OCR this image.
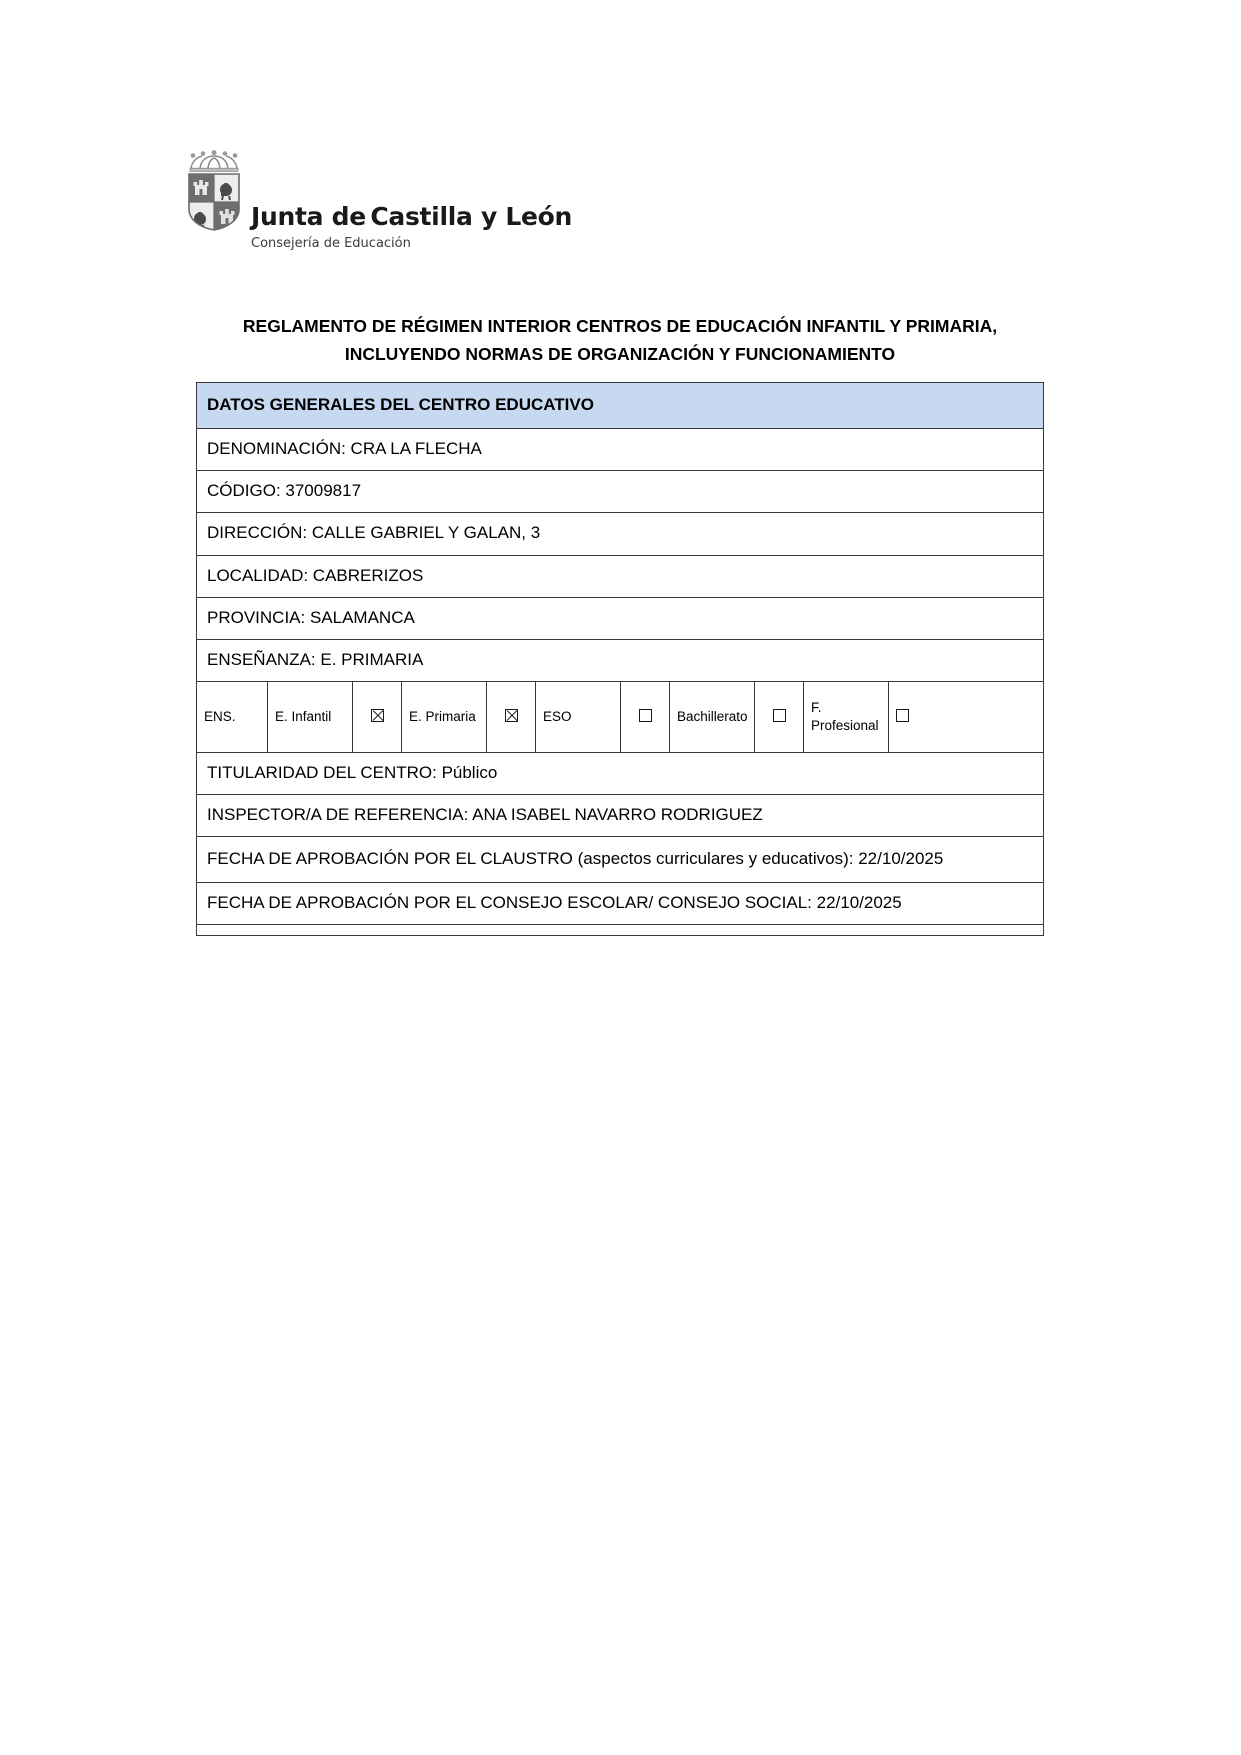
Junta de Castilla y León
Consejería de Educación
REGLAMENTO DE RÉGIMEN INTERIOR CENTROS DE EDUCACIÓN INFANTIL Y PRIMARIA,
INCLUYENDO NORMAS DE ORGANIZACIÓN Y FUNCIONAMIENTO
DATOS GENERALES DEL CENTRO EDUCATIVO
DENOMINACIÓN: CRA LA FLECHA
CÓDIGO: 37009817
DIRECCIÓN: CALLE GABRIEL Y GALAN, 3
LOCALIDAD: CABRERIZOS
PROVINCIA: SALAMANCA
ENSEÑANZA: E. PRIMARIA

ENS.	E. Infantil		E. Primaria		ESO		Bachillerato		F. Profesional	

TITULARIDAD DEL CENTRO: Público
INSPECTOR/A DE REFERENCIA: ANA ISABEL NAVARRO RODRIGUEZ
FECHA DE APROBACIÓN POR EL CLAUSTRO (aspectos curriculares y educativos): 22/10/2025
FECHA DE APROBACIÓN POR EL CONSEJO ESCOLAR/ CONSEJO SOCIAL: 22/10/2025
